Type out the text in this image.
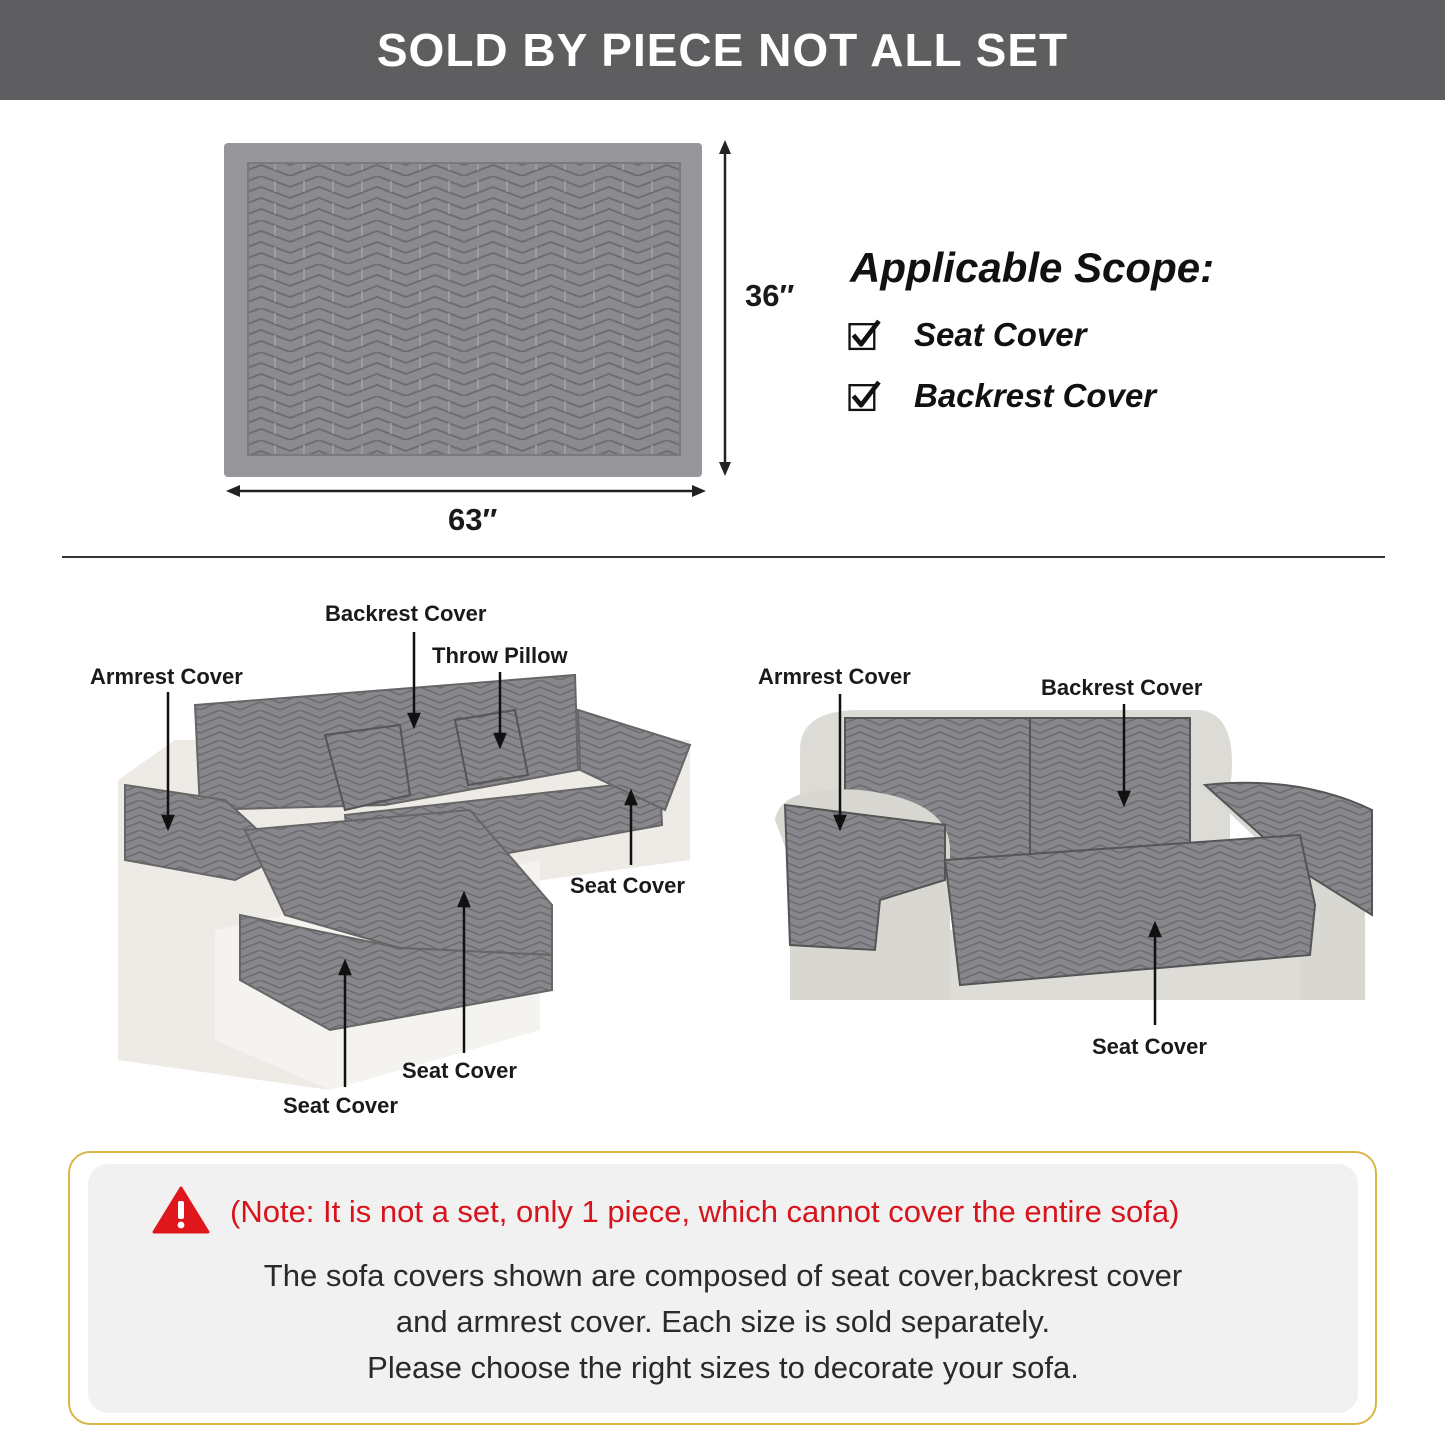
SOLD BY PIECE NOT ALL SET
36″
63″
Applicable Scope:
Seat Cover
Backrest Cover
Backrest Cover
Throw Pillow
Armrest Cover
Seat Cover
Seat Cover
Seat Cover
Armrest Cover	Backrest Cover
Seat Cover
(Note: It is not a set, only 1 piece, which cannot cover the entire sofa)
The sofa covers shown are composed of seat cover,backrest cover
and armrest cover. Each size is sold separately.
Please choose the right sizes to decorate your sofa.
